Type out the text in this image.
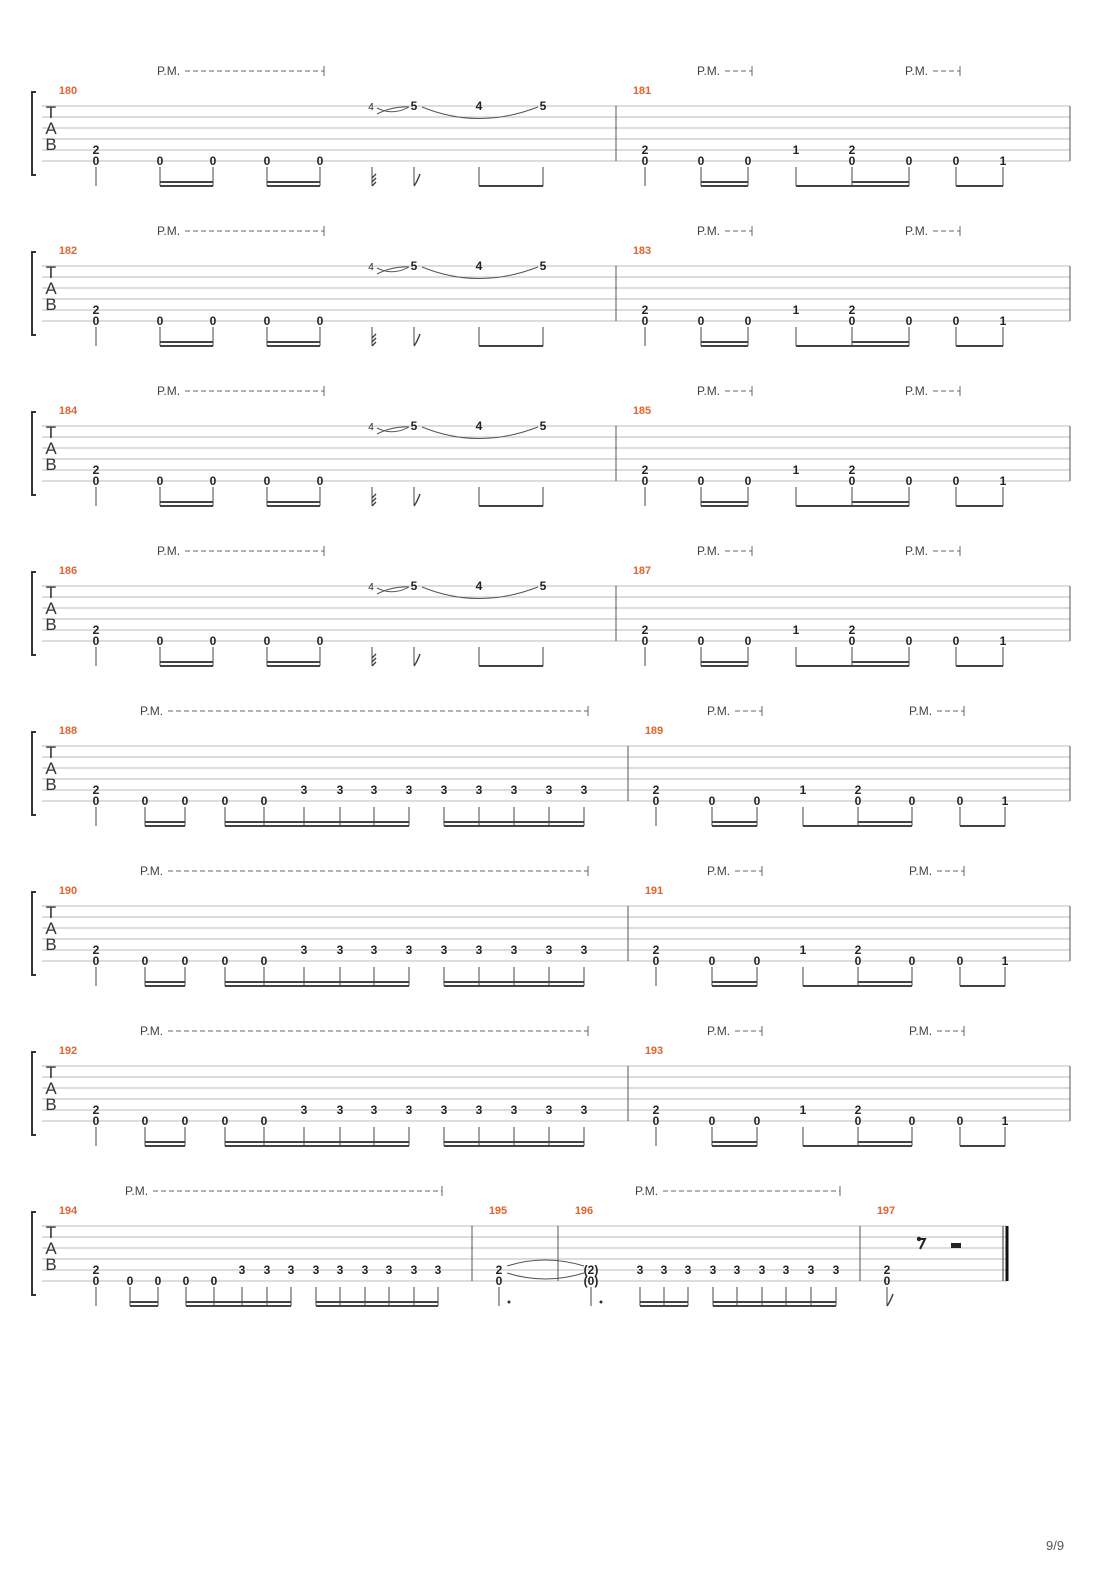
T
A
B
180
P.M.
0
2
0	0	0	0
4	5	4	5
181
P.M.	P.M.
0
2
0	0
1
0
2
0	0	1
T
A
B
182
P.M.
0
2
0	0	0	0
4	5	4	5
183
P.M.	P.M.
0
2
0	0
1
0
2
0	0	1
T
A
B
184
P.M.
0
2
0	0	0	0
4	5	4	5
185
P.M.	P.M.
0
2
0	0
1
0
2
0	0	1
T
A
B
186
P.M.
0
2
0	0	0	0
4	5	4	5
187
P.M.	P.M.
0
2
0	0
1
0
2
0	0	1
T
A
B
188
P.M.
0
2
0	0	0	0
3 3 3 3 3 3 3 3 3
189
P.M.	P.M.
0
2
0	0
1
0
2
0	0	1
T
A
B
190
P.M.
0
2
0	0	0	0
3 3 3 3 3 3 3 3 3
191
P.M.	P.M.
0
2
0	0
1
0
2
0	0	1
T
A
B
192
P.M.
0
2
0	0	0	0
3 3 3 3 3 3 3 3 3
193
P.M.	P.M.
0
2
0	0
1
0
2
0	0	1
T
A
B
194
P.M.
0
2
0 0 0 0
3 3 3 3 3 3 3 3 3
195
2
0
196
P.M.
(2)
(0)
3 3 3 3 3 3 3 3 3
197
2
0
9/9
